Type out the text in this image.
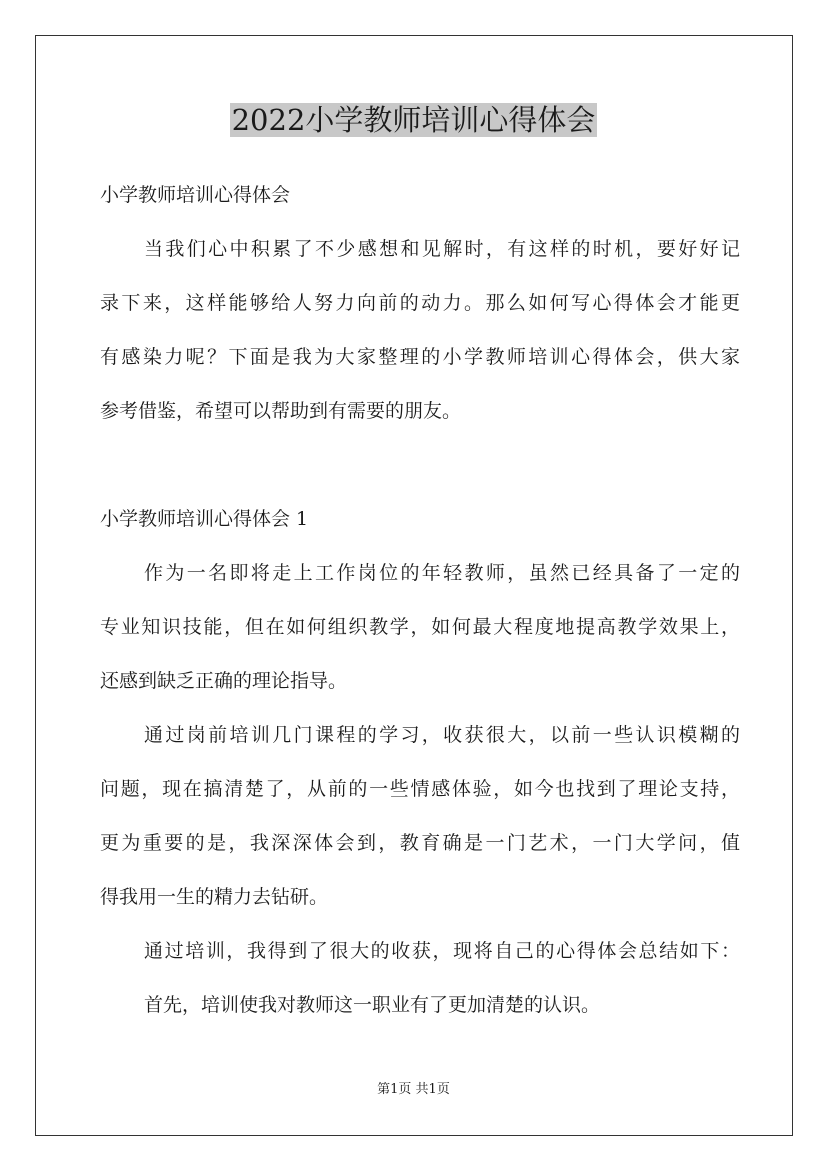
2022小学教师培训心得体会
小学教师培训心得体会
当我们心中积累了不少感想和见解时，有这样的时机，要好好记
录下来，这样能够给人努力向前的动力。那么如何写心得体会才能更
有感染力呢？下面是我为大家整理的小学教师培训心得体会，供大家
参考借鉴，希望可以帮助到有需要的朋友。
小学教师培训心得体会 1
作为一名即将走上工作岗位的年轻教师，虽然已经具备了一定的
专业知识技能，但在如何组织教学，如何最大程度地提高教学效果上，
还感到缺乏正确的理论指导。
通过岗前培训几门课程的学习，收获很大，以前一些认识模糊的
问题，现在搞清楚了，从前的一些情感体验，如今也找到了理论支持，
更为重要的是，我深深体会到，教育确是一门艺术，一门大学问，值
得我用一生的精力去钻研。
通过培训，我得到了很大的收获，现将自己的心得体会总结如下：
首先，培训使我对教师这一职业有了更加清楚的认识。
第1页 共1页
